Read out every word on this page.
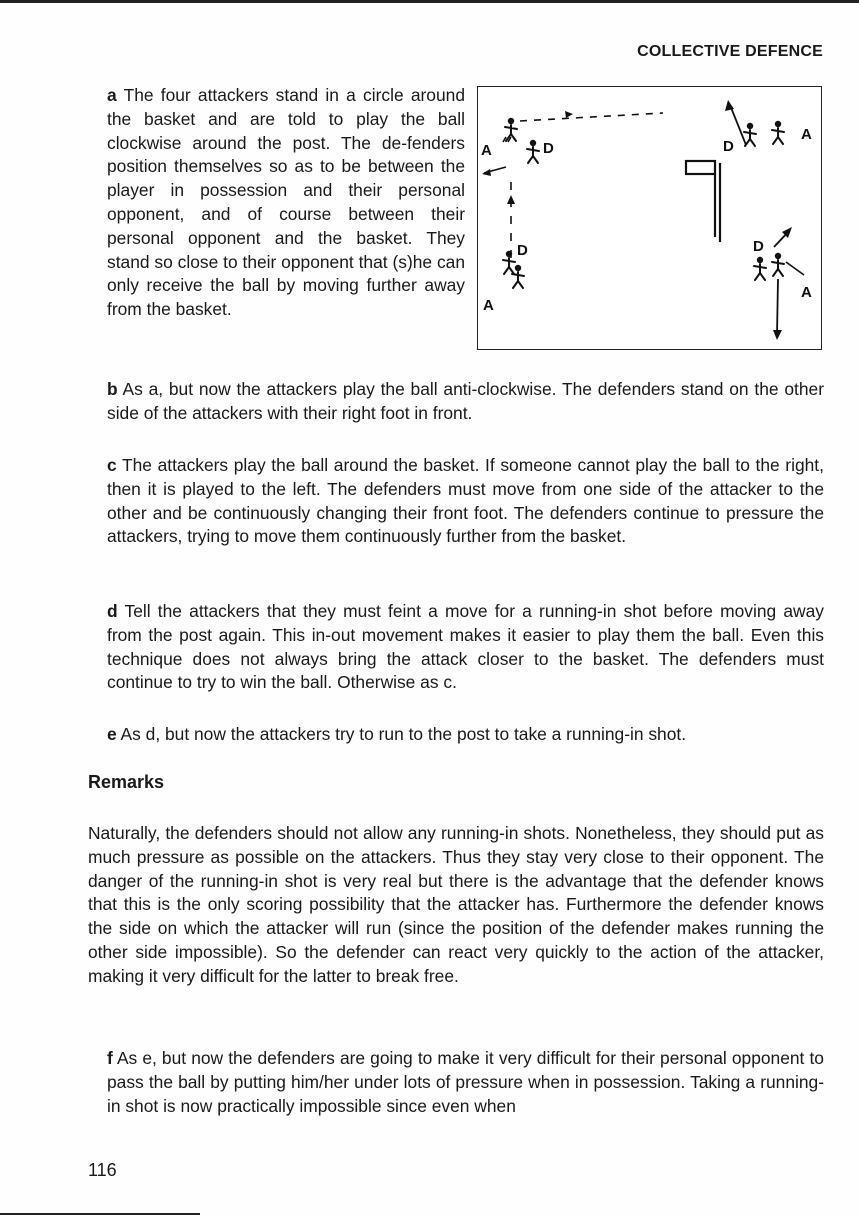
COLLECTIVE DEFENCE
A	D
D
A
D
A
D
A

a The four attackers stand in a circle around the basket and are told to play the ball clockwise around the post. The de-fenders position themselves so as to be between the player in possession and their personal opponent, and of course between their personal opponent and the basket. They stand so close to their opponent that (s)he can only receive the ball by moving further away from the basket.

b As a, but now the attackers play the ball anti-clockwise. The defenders stand on the other side of the attackers with their right foot in front.

c The attackers play the ball around the basket. If someone cannot play the ball to the right, then it is played to the left. The defenders must move from one side of the attacker to the other and be continuously changing their front foot. The defenders continue to pressure the attackers, trying to move them continuously further from the basket.

d Tell the attackers that they must feint a move for a running-in shot before moving away from the post again. This in-out movement makes it easier to play them the ball. Even this technique does not always bring the attack closer to the basket. The defenders must continue to try to win the ball. Otherwise as c.

e As d, but now the attackers try to run to the post to take a running-in shot.

Remarks

Naturally, the defenders should not allow any running-in shots. Nonetheless, they should put as much pressure as possible on the attackers. Thus they stay very close to their opponent. The danger of the running-in shot is very real but there is the advantage that the defender knows that this is the only scoring possibility that the attacker has. Furthermore the defender knows the side on which the attacker will run (since the position of the defender makes running the other side impossible). So the defender can react very quickly to the action of the attacker, making it very difficult for the latter to break free.

f As e, but now the defenders are going to make it very difficult for their personal opponent to pass the ball by putting him/her under lots of pressure when in possession. Taking a running-in shot is now practically impossible since even when

116
